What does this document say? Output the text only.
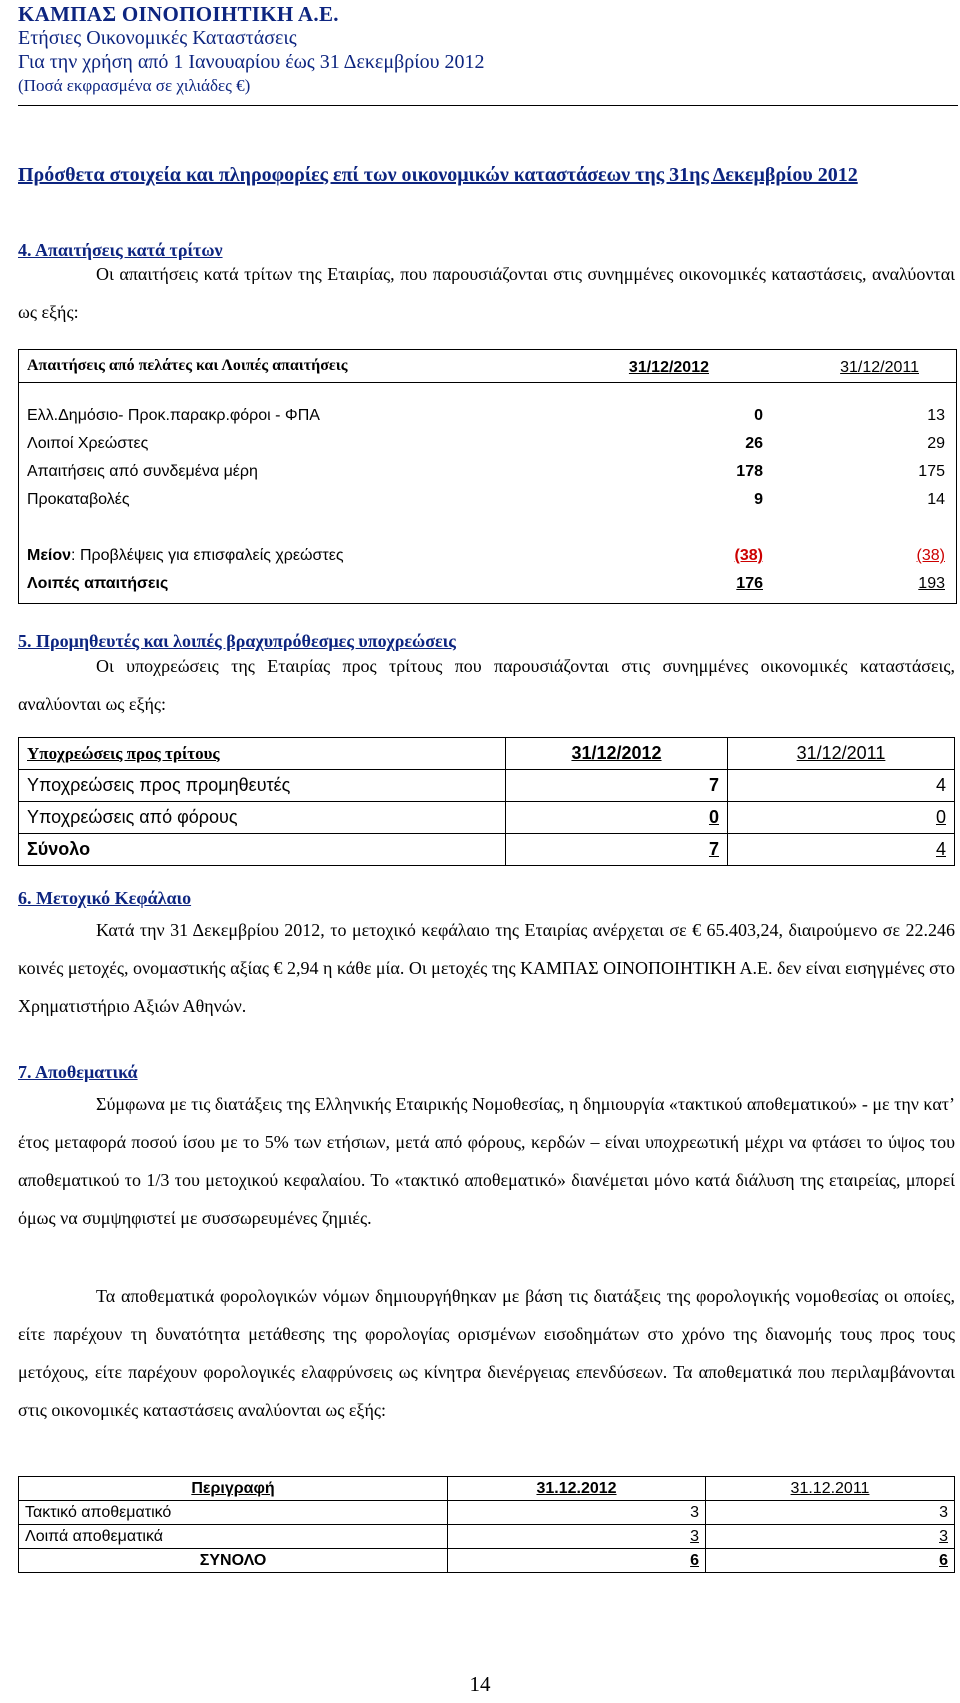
ΚΑΜΠΑΣ ΟΙΝΟΠΟΙΗΤΙΚΗ Α.Ε.
Ετήσιες Οικονομικές Καταστάσεις
Για την χρήση από 1 Ιανουαρίου έως 31 Δεκεμβρίου 2012
(Ποσά εκφρασμένα σε χιλιάδες €)
Πρόσθετα στοιχεία και πληροφορίες επί των οικονομικών καταστάσεων της 31ης Δεκεμβρίου 2012
4. Απαιτήσεις κατά τρίτων
Οι απαιτήσεις κατά τρίτων της Εταιρίας, που παρουσιάζονται στις συνημμένες οικονομικές καταστάσεις, αναλύονται ως εξής:
Απαιτήσεις από πελάτες και Λοιπές απαιτήσεις	31/12/2012	31/12/2011
Ελλ.Δημόσιο- Προκ.παρακρ.φόροι - ΦΠΑ	0	13
Λοιποί Χρεώστες	26	29
Απαιτήσεις από συνδεμένα μέρη	178	175
Προκαταβολές	9	14
Μείον: Προβλέψεις για επισφαλείς χρεώστες	(38)	(38)
Λοιπές απαιτήσεις	176	193
5. Προμηθευτές και λοιπές βραχυπρόθεσμες υποχρεώσεις
Οι υποχρεώσεις της Εταιρίας προς τρίτους που παρουσιάζονται στις συνημμένες οικονομικές καταστάσεις, αναλύονται ως εξής:
Υποχρεώσεις προς τρίτους	31/12/2012	31/12/2011
Υποχρεώσεις προς προμηθευτές	7	4
Υποχρεώσεις από φόρους	0	0
Σύνολο	7	4
6. Μετοχικό Κεφάλαιο
Κατά την 31 Δεκεμβρίου 2012, το μετοχικό κεφάλαιο της Εταιρίας ανέρχεται σε € 65.403,24, διαιρούμενο σε 22.246 κοινές μετοχές, ονομαστικής αξίας € 2,94 η κάθε μία. Οι μετοχές της ΚΑΜΠΑΣ ΟΙΝΟΠΟΙΗΤΙΚΗ Α.Ε. δεν είναι εισηγμένες στο Χρηματιστήριο Αξιών Αθηνών.
7. Αποθεματικά
Σύμφωνα με τις διατάξεις της Ελληνικής Εταιρικής Νομοθεσίας, η δημιουργία «τακτικού αποθεματικού» - με την κατ’ έτος μεταφορά ποσού ίσου με το 5% των ετήσιων, μετά από φόρους, κερδών – είναι υποχρεωτική μέχρι να φτάσει το ύψος του αποθεματικού το 1/3 του μετοχικού κεφαλαίου. Το «τακτικό αποθεματικό» διανέμεται μόνο κατά διάλυση της εταιρείας, μπορεί όμως να συμψηφιστεί με συσσωρευμένες ζημιές.
Τα αποθεματικά φορολογικών νόμων δημιουργήθηκαν με βάση τις διατάξεις της φορολογικής νομοθεσίας οι οποίες, είτε παρέχουν τη δυνατότητα μετάθεσης της φορολογίας ορισμένων εισοδημάτων στο χρόνο της διανομής τους προς τους μετόχους, είτε παρέχουν φορολογικές ελαφρύνσεις ως κίνητρα διενέργειας επενδύσεων. Τα αποθεματικά που περιλαμβάνονται στις οικονομικές καταστάσεις αναλύονται ως εξής:
Περιγραφή	31.12.2012	31.12.2011
Τακτικό αποθεματικό	3	3
Λοιπά αποθεματικά	3	3
ΣΥΝΟΛΟ	6	6
14
